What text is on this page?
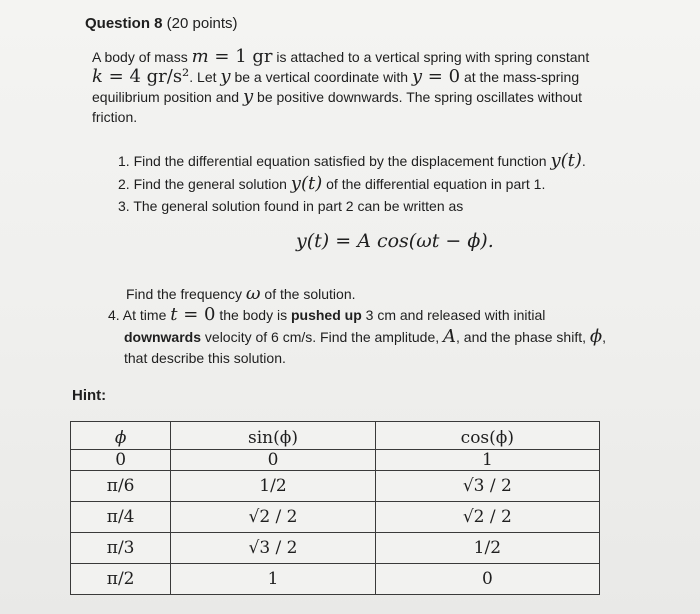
Question 8 (20 points)

A body of mass m = 1 gr is attached to a vertical spring with spring constant

k = 4 gr/s². Let y be a vertical coordinate with y = 0 at the mass-spring

equilibrium position and y be positive downwards. The spring oscillates without

friction.

1. Find the differential equation satisfied by the displacement function y(t).
2. Find the general solution y(t) of the differential equation in part 1.
3. The general solution found in part 2 can be written as
y(t) = A cos(ωt − ϕ).
Find the frequency ω of the solution.
4. At time t = 0 the body is pushed up 3 cm and released with initial
downwards velocity of 6 cm/s. Find the amplitude, A, and the phase shift, ϕ,
that describe this solution.
Hint:
ϕ	sin(ϕ)	cos(ϕ)
0	0	1
π/6	1/2	√3 / 2
π/4	√2 / 2	√2 / 2
π/3	√3 / 2	1/2
π/2	1	0
